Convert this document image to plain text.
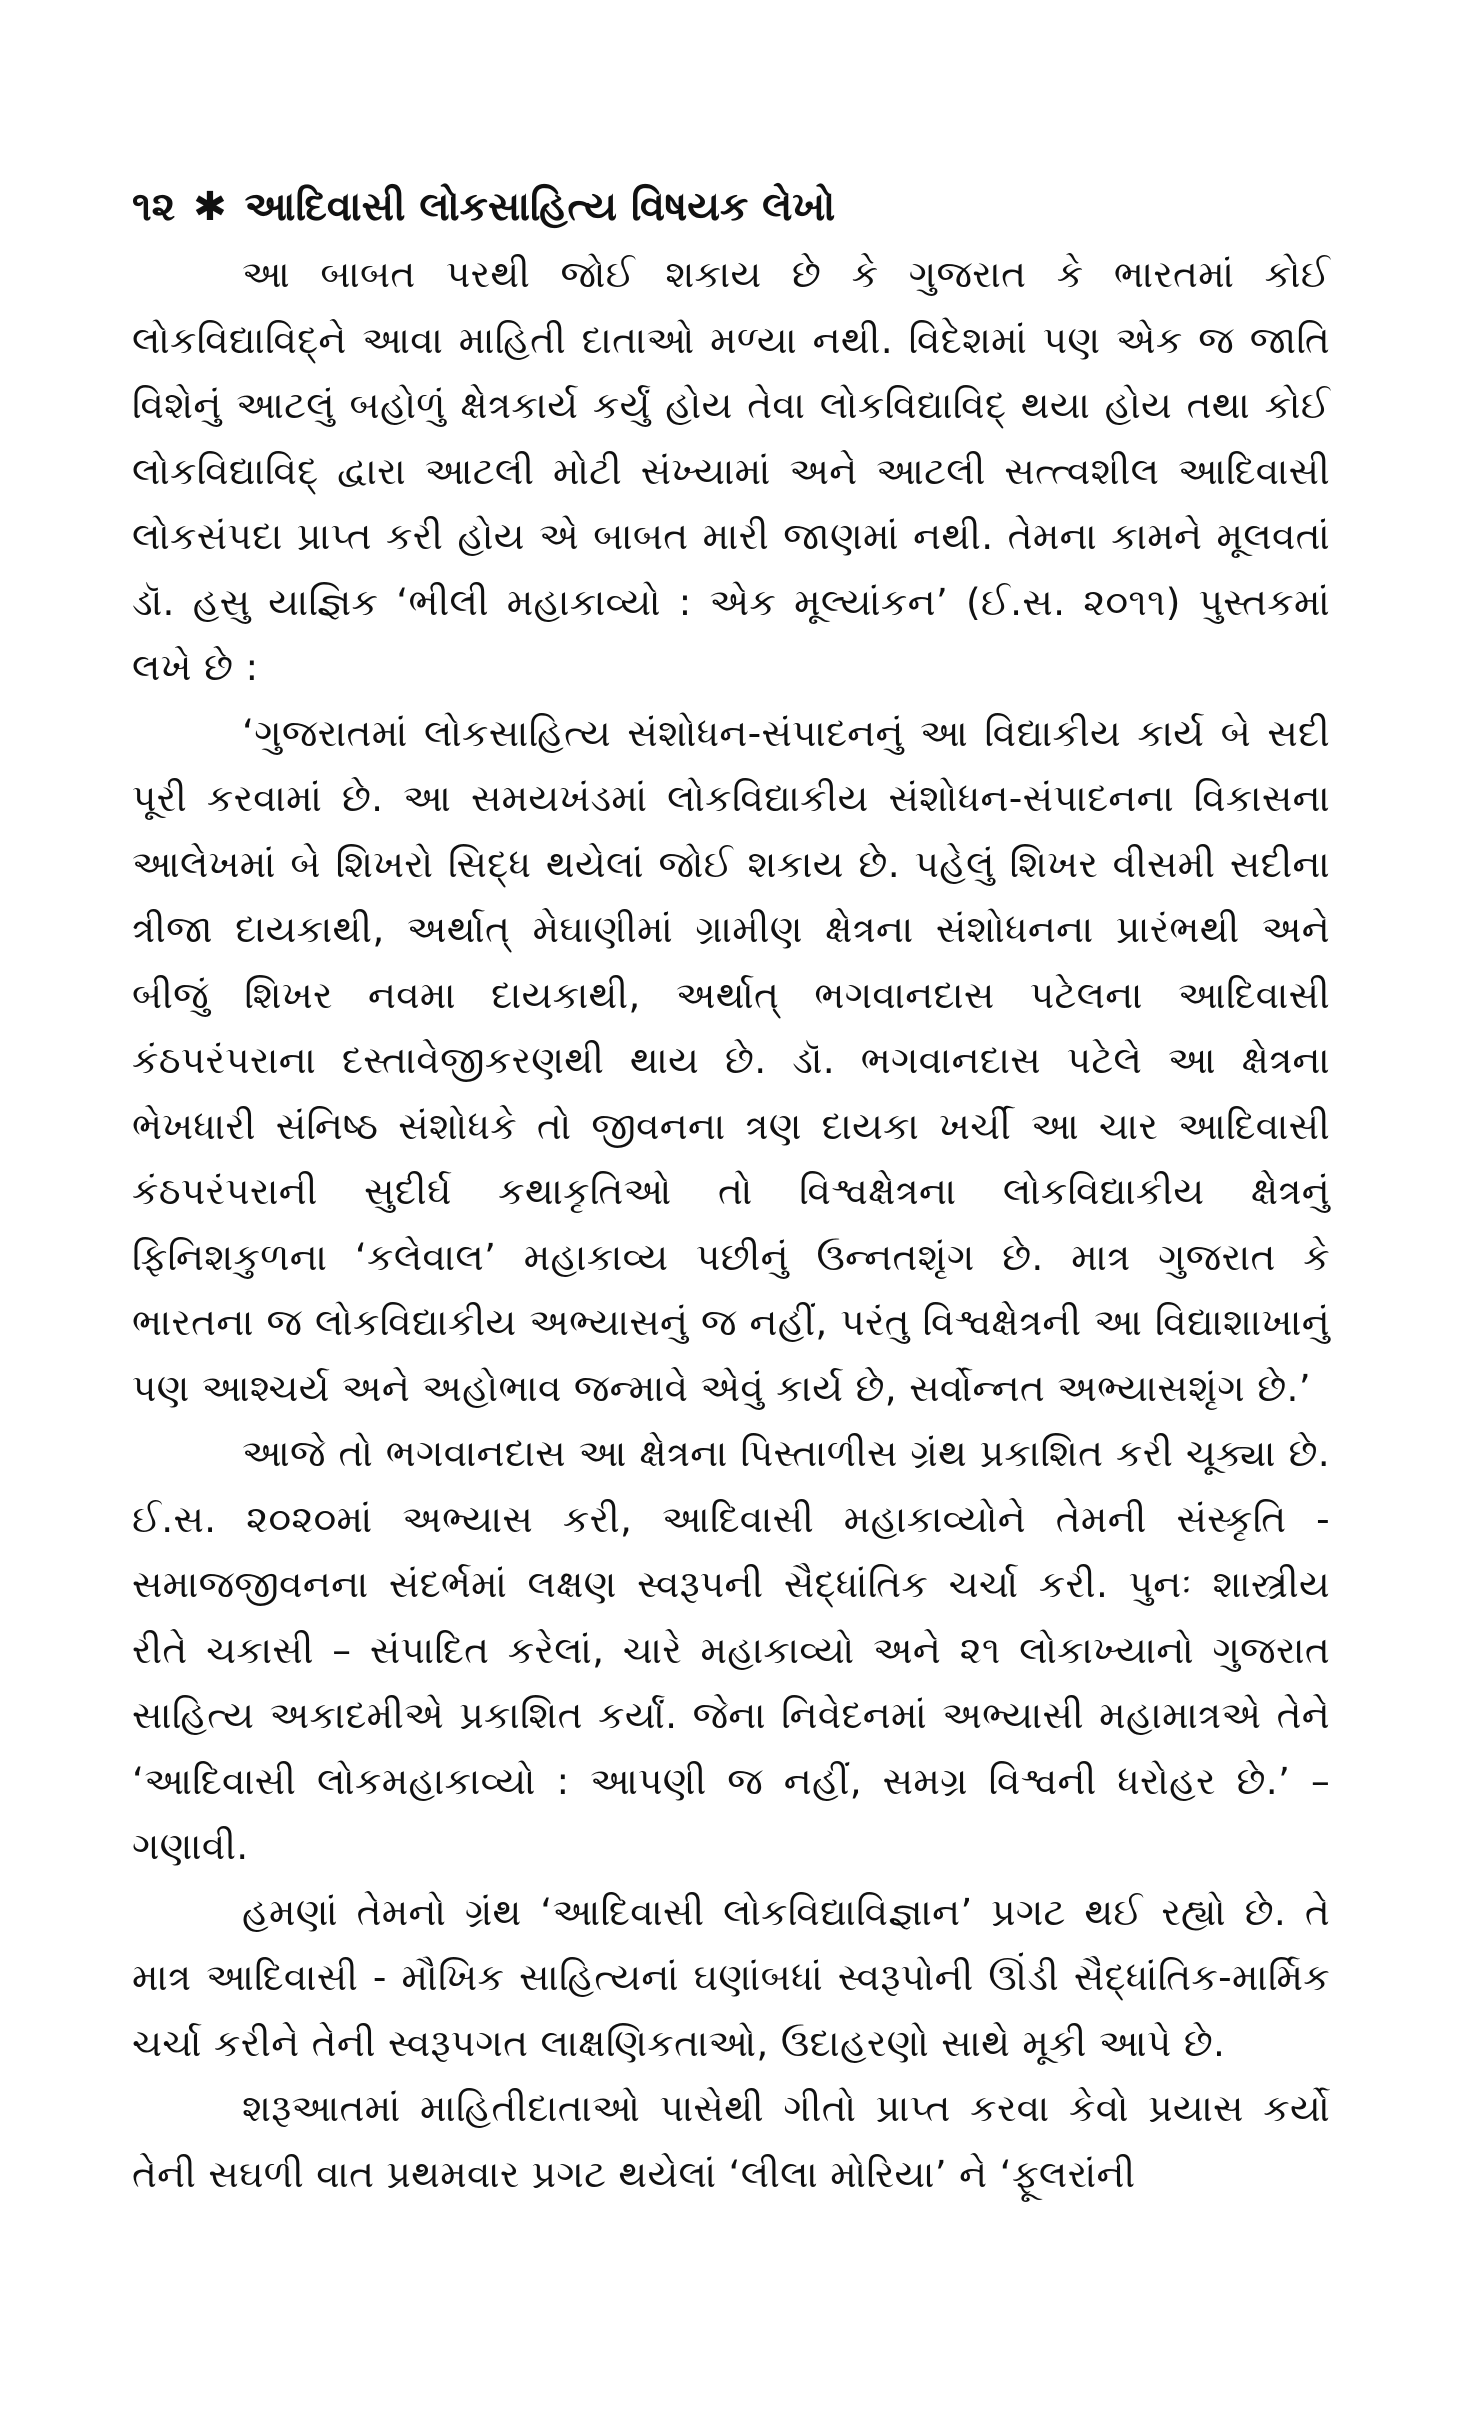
૧૨ ✱ આદિવાસી લોકસાહિત્ય વિષયક લેખો

આ બાબત પરથી જોઈ શકાય છે કે ગુજરાત કે ભારતમાં કોઈ લોકવિદ્યાવિદ્‌ને આવા માહિતી દાતાઓ મળ્યા નથી. વિદેશમાં પણ એક જ જાતિ વિશેનું આટલું બહોળું ક્ષેત્રકાર્ય કર્યું હોય તેવા લોકવિદ્યાવિદ્‌ થયા હોય તથા કોઈ લોકવિદ્યાવિદ્‌ દ્વારા આટલી મોટી સંખ્યામાં અને આટલી સત્ત્વશીલ આદિવાસી લોકસંપદા પ્રાપ્ત કરી હોય એ બાબત મારી જાણમાં નથી. તેમના કામને મૂલવતાં ડૉ. હસુ યાજ્ઞિક ‘ભીલી મહાકાવ્યો : એક મૂલ્યાંકન’ (ઈ.સ. ૨૦૧૧) પુસ્તકમાં લખે છે :

‘ગુજરાતમાં લોકસાહિત્ય સંશોધન-સંપાદનનું આ વિદ્યાકીય કાર્ય બે સદી પૂરી કરવામાં છે. આ સમયખંડમાં લોકવિદ્યાકીય સંશોધન-સંપાદનના વિકાસના આલેખમાં બે શિખરો સિદ્ધ થયેલાં જોઈ શકાય છે. પહેલું શિખર વીસમી સદીના ત્રીજા દાયકાથી, અર્થાત્‌ મેઘાણીમાં ગ્રામીણ ક્ષેત્રના સંશોધનના પ્રારંભથી અને બીજું શિખર નવમા દાયકાથી, અર્થાત્‌ ભગવાનદાસ પટેલના આદિવાસી કંઠપરંપરાના દસ્તાવેજીકરણથી થાય છે. ડૉ. ભગવાનદાસ પટેલે આ ક્ષેત્રના ભેખધારી સંનિષ્ઠ સંશોધકે તો જીવનના ત્રણ દાયકા ખર્ચી આ ચાર આદિવાસી કંઠપરંપરાની સુદીર્ઘ કથાકૃતિઓ તો વિશ્વક્ષેત્રના લોકવિદ્યાકીય ક્ષેત્રનું ફિનિશકુળના ‘કલેવાલ’ મહાકાવ્ય પછીનું ઉન્નતશૃંગ છે. માત્ર ગુજરાત કે ભારતના જ લોકવિદ્યાકીય અભ્યાસનું જ નહીં, પરંતુ વિશ્વક્ષેત્રની આ વિદ્યાશાખાનું પણ આશ્ચર્ય અને અહોભાવ જન્માવે એવું કાર્ય છે, સર્વોન્નત અભ્યાસશૃંગ છે.’

આજે તો ભગવાનદાસ આ ક્ષેત્રના પિસ્તાળીસ ગ્રંથ પ્રકાશિત કરી ચૂક્યા છે. ઈ.સ. ૨૦૨૦માં અભ્યાસ કરી, આદિવાસી મહાકાવ્યોને તેમની સંસ્કૃતિ - સમાજજીવનના સંદર્ભમાં લક્ષણ સ્વરૂપની સૈદ્ધાંતિક ચર્ચા કરી. પુનઃ શાસ્ત્રીય રીતે ચકાસી – સંપાદિત કરેલાં, ચારે મહાકાવ્યો અને ૨૧ લોકાખ્યાનો ગુજરાત સાહિત્ય અકાદમીએ પ્રકાશિત કર્યાં. જેના નિવેદનમાં અભ્યાસી મહામાત્રએ તેને ‘આદિવાસી લોકમહાકાવ્યો : આપણી જ નહીં, સમગ્ર વિશ્વની ધરોહર છે.’ – ગણાવી.

હમણાં તેમનો ગ્રંથ ‘આદિવાસી લોકવિદ્યાવિજ્ઞાન’ પ્રગટ થઈ રહ્યો છે. તે માત્ર આદિવાસી - મૌખિક સાહિત્યનાં ઘણાંબધાં સ્વરૂપોની ઊંડી સૈદ્ધાંતિક-માર્મિક ચર્ચા કરીને તેની સ્વરૂપગત લાક્ષણિકતાઓ, ઉદાહરણો સાથે મૂકી આપે છે.

શરૂઆતમાં માહિતીદાતાઓ પાસેથી ગીતો પ્રાપ્ત કરવા કેવો પ્રયાસ કર્યો તેની સઘળી વાત પ્રથમવાર પ્રગટ થયેલાં ‘લીલા મોરિયા’ ને ‘ફૂલરાંની
